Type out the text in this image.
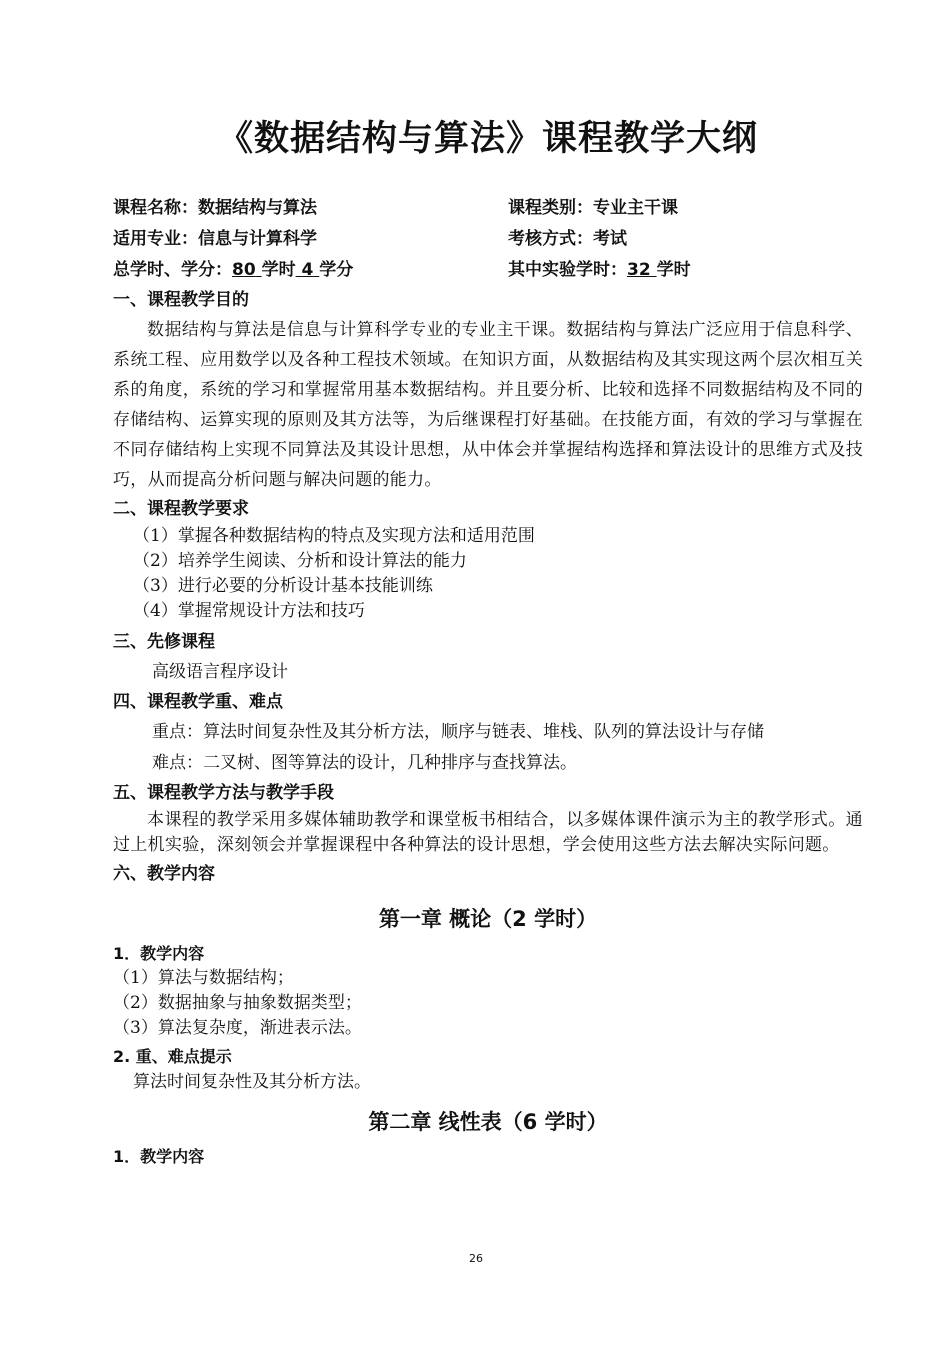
《数据结构与算法》课程教学大纲
课程名称：数据结构与算法	课程类别：专业主干课
适用专业：信息与计算科学	考核方式：考试
总学时、学分：80 学时 4 学分	其中实验学时：32 学时

一、课程教学目的

数据结构与算法是信息与计算科学专业的专业主干课。数据结构与算法广泛应用于信息科学、系统工程、应用数学以及各种工程技术领域。在知识方面，从数据结构及其实现这两个层次相互关系的角度，系统的学习和掌握常用基本数据结构。并且要分析、比较和选择不同数据结构及不同的存储结构、运算实现的原则及其方法等，为后继课程打好基础。在技能方面，有效的学习与掌握在不同存储结构上实现不同算法及其设计思想，从中体会并掌握结构选择和算法设计的思维方式及技巧，从而提高分析问题与解决问题的能力。

二、课程教学要求

（1）掌握各种数据结构的特点及实现方法和适用范围

（2）培养学生阅读、分析和设计算法的能力

（3）进行必要的分析设计基本技能训练

（4）掌握常规设计方法和技巧

三、先修课程

高级语言程序设计

四、课程教学重、难点

重点：算法时间复杂性及其分析方法，顺序与链表、堆栈、队列的算法设计与存储

难点：二叉树、图等算法的设计，几种排序与查找算法。

五、课程教学方法与教学手段

本课程的教学采用多媒体辅助教学和课堂板书相结合，以多媒体课件演示为主的教学形式。通过上机实验，深刻领会并掌握课程中各种算法的设计思想，学会使用这些方法去解决实际问题。

六、教学内容

第一章 概论（2 学时）

1．教学内容

（1）算法与数据结构；

（2）数据抽象与抽象数据类型；

（3）算法复杂度，渐进表示法。

2. 重、难点提示

算法时间复杂性及其分析方法。

第二章 线性表（6 学时）

1．教学内容

26
